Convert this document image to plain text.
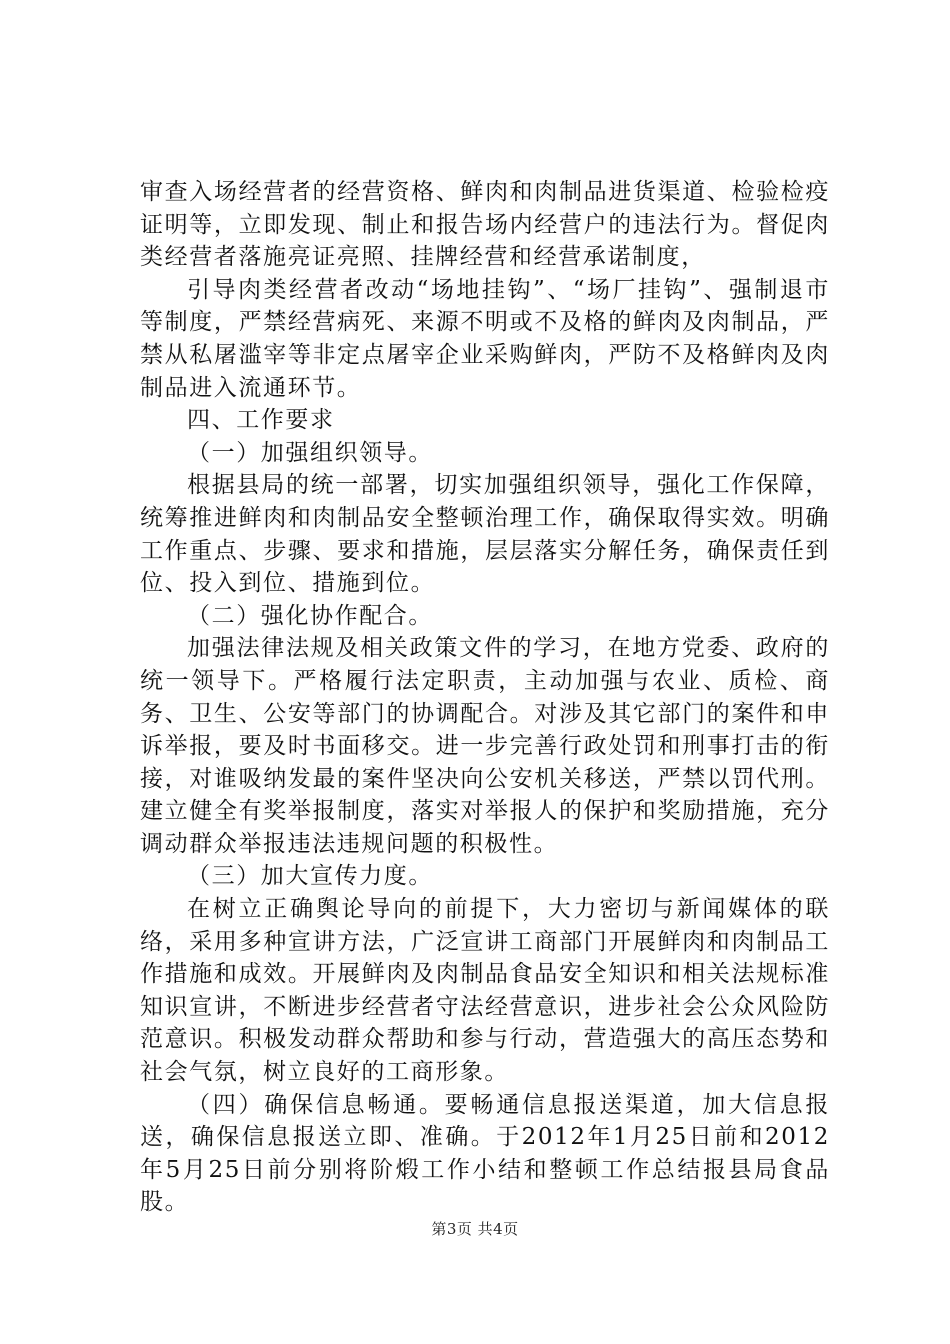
审查入场经营者的经营资格、鲜肉和肉制品进货渠道、检验检疫证明等，立即发现、制止和报告场内经营户的违法行为。督促肉类经营者落施亮证亮照、挂牌经营和经营承诺制度，

引导肉类经营者改动“场地挂钩”、“场厂挂钩”、强制退市等制度，严禁经营病死、来源不明或不及格的鲜肉及肉制品，严禁从私屠滥宰等非定点屠宰企业采购鲜肉，严防不及格鲜肉及肉制品进入流通环节。

四、工作要求

（一）加强组织领导。

根据县局的统一部署，切实加强组织领导，强化工作保障，统筹推进鲜肉和肉制品安全整顿治理工作，确保取得实效。明确工作重点、步骤、要求和措施，层层落实分解任务，确保责任到位、投入到位、措施到位。

（二）强化协作配合。

加强法律法规及相关政策文件的学习，在地方党委、政府的统一领导下。严格履行法定职责，主动加强与农业、质检、商务、卫生、公安等部门的协调配合。对涉及其它部门的案件和申诉举报，要及时书面移交。进一步完善行政处罚和刑事打击的衔接，对谁吸纳发最的案件坚决向公安机关移送，严禁以罚代刑。建立健全有奖举报制度，落实对举报人的保护和奖励措施，充分调动群众举报违法违规问题的积极性。

（三）加大宣传力度。

在树立正确舆论导向的前提下，大力密切与新闻媒体的联络，采用多种宣讲方法，广泛宣讲工商部门开展鲜肉和肉制品工作措施和成效。开展鲜肉及肉制品食品安全知识和相关法规标准知识宣讲，不断进步经营者守法经营意识，进步社会公众风险防范意识。积极发动群众帮助和参与行动，营造强大的高压态势和社会气氛，树立良好的工商形象。

（四）确保信息畅通。要畅通信息报送渠道，加大信息报送，确保信息报送立即、准确。于2012年1月25日前和2012年5月25日前分别将阶煅工作小结和整顿工作总结报县局食品股。

第3页 共4页
